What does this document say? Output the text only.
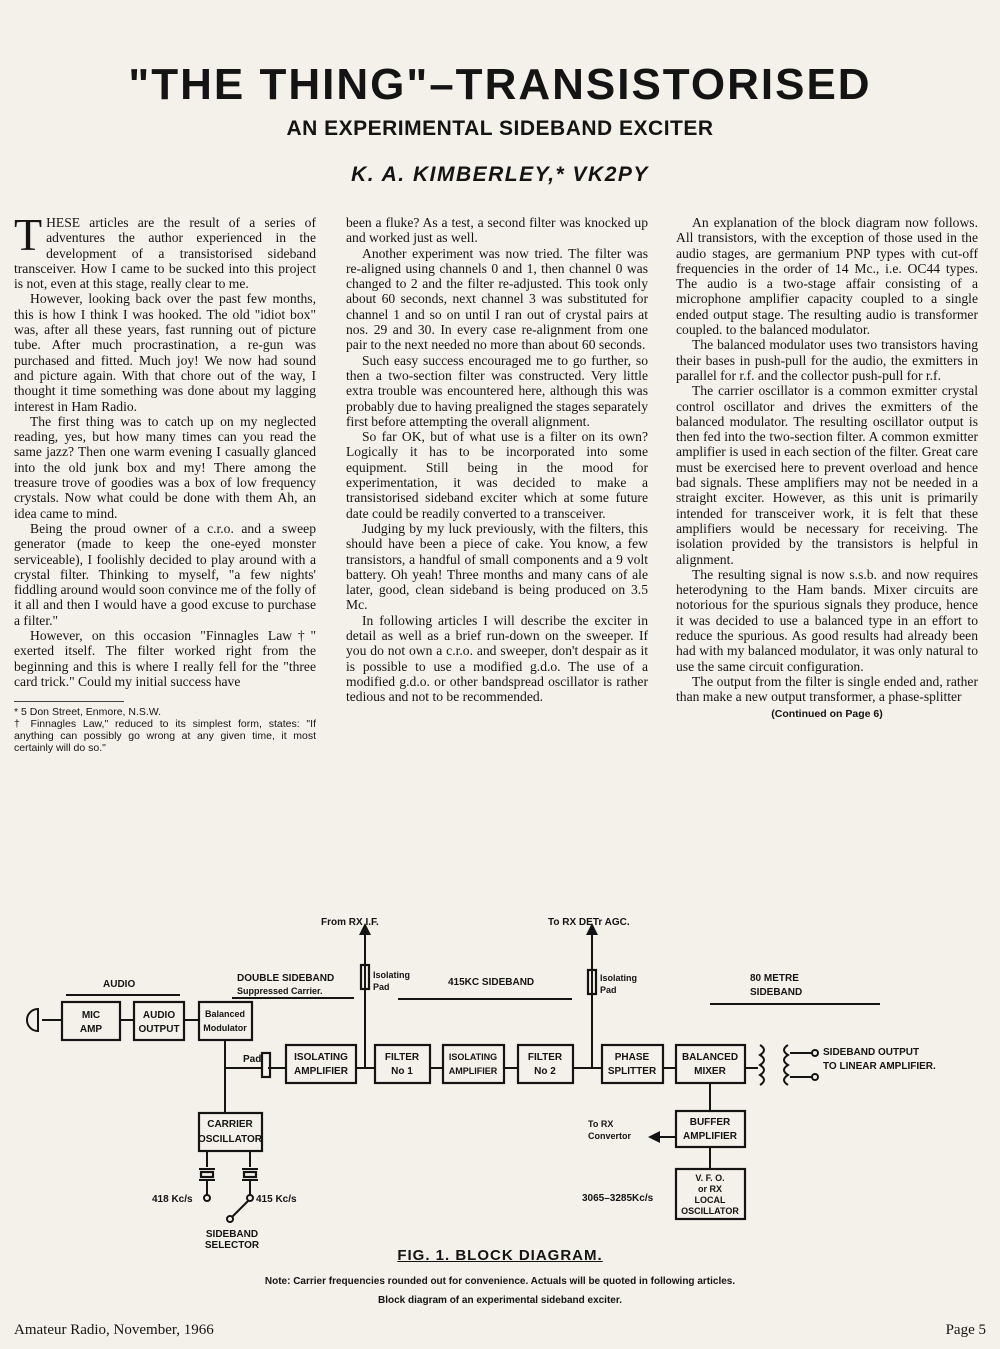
"THE THING"–TRANSISTORISED
AN EXPERIMENTAL SIDEBAND EXCITER
K. A. KIMBERLEY,* VK2PY
T HESE articles are the result of a series of adventures the author experienced in the development of a transistorised sideband transceiver. How I came to be sucked into this project is not, even at this stage, really clear to me.

However, looking back over the past few months, this is how I think I was hooked. The old "idiot box" was, after all these years, fast running out of picture tube. After much procrastination, a re-gun was purchased and fitted. Much joy! We now had sound and picture again. With that chore out of the way, I thought it time something was done about my lagging interest in Ham Radio.

The first thing was to catch up on my neglected reading, yes, but how many times can you read the same jazz? Then one warm evening I casually glanced into the old junk box and my! There among the treasure trove of goodies was a box of low frequency crystals. Now what could be done with them Ah, an idea came to mind.

Being the proud owner of a c.r.o. and a sweep generator (made to keep the one-eyed monster serviceable), I foolishly decided to play around with a crystal filter. Thinking to myself, "a few nights' fiddling around would soon convince me of the folly of it all and then I would have a good excuse to purchase a filter."

However, on this occasion "Finnagles Law†" exerted itself. The filter worked right from the beginning and this is where I really fell for the "three card trick." Could my initial success have

* 5 Don Street, Enmore, N.S.W.

† Finnagles Law," reduced to its simplest form, states: "If anything can possibly go wrong at any given time, it most certainly will do so."

been a fluke? As a test, a second filter was knocked up and worked just as well.

Another experiment was now tried. The filter was re-aligned using channels 0 and 1, then channel 0 was changed to 2 and the filter re-adjusted. This took only about 60 seconds, next channel 3 was substituted for channel 1 and so on until I ran out of crystal pairs at nos. 29 and 30. In every case re-alignment from one pair to the next needed no more than about 60 seconds.

Such easy success encouraged me to go further, so then a two-section filter was constructed. Very little extra trouble was encountered here, although this was probably due to having prealigned the stages separately first before attempting the overall alignment.

So far OK, but of what use is a filter on its own? Logically it has to be incorporated into some equipment. Still being in the mood for experimentation, it was decided to make a transistorised sideband exciter which at some future date could be readily converted to a transceiver.

Judging by my luck previously, with the filters, this should have been a piece of cake. You know, a few transistors, a handful of small components and a 9 volt battery. Oh yeah! Three months and many cans of ale later, good, clean sideband is being produced on 3.5 Mc.

In following articles I will describe the exciter in detail as well as a brief run-down on the sweeper. If you do not own a c.r.o. and sweeper, don't despair as it is possible to use a modified g.d.o. The use of a modified g.d.o. or other bandspread oscillator is rather tedious and not to be recommended.

An explanation of the block diagram now follows. All transistors, with the exception of those used in the audio stages, are germanium PNP types with cut-off frequencies in the order of 14 Mc., i.e. OC44 types. The audio is a two-stage affair consisting of a microphone amplifier capacity coupled to a single ended output stage. The resulting audio is transformer coupled. to the balanced modulator.

The balanced modulator uses two transistors having their bases in push-pull for the audio, the exmitters in parallel for r.f. and the collector push-pull for r.f.

The carrier oscillator is a common exmitter crystal control oscillator and drives the exmitters of the balanced modulator. The resulting oscillator output is then fed into the two-section filter. A common exmitter amplifier is used in each section of the filter. Great care must be exercised here to prevent overload and hence bad signals. These amplifiers may not be needed in a straight exciter. However, as this unit is primarily intended for transceiver work, it is felt that these amplifiers would be necessary for receiving. The isolation provided by the transistors is helpful in alignment.

The resulting signal is now s.s.b. and now requires heterodyning to the Ham bands. Mixer circuits are notorious for the spurious signals they produce, hence it was decided to use a balanced type in an effort to reduce the spurious. As good results had already been had with my balanced modulator, it was only natural to use the same circuit configuration.

The output from the filter is single ended and, rather than make a new output transformer, a phase-splitter

(Continued on Page 6)
MIC
AMP
AUDIO
OUTPUT
Balanced
Modulator
Pad	ISOLATING
AMPLIFIER
FILTER
No 1
ISOLATING
AMPLIFIER
FILTER
No 2
PHASE
SPLITTER
BALANCED
MIXER
SIDEBAND OUTPUT
TO LINEAR AMPLIFIER.
From RX I.F.
Isolating
Pad
To RX DETr AGC.
Isolating
Pad
AUDIO
DOUBLE SIDEBAND
Suppressed Carrier.
415KC SIDEBAND	80 METRE
SIDEBAND
CARRIER
OSCILLATOR
418 Kc/s	415 Kc/s
SIDEBAND
BUFFER
AMPLIFIER
To RX
Convertor
V. F. O.
or RX
LOCAL
OSCILLATOR
3065–3285Kc/s
FIG. 1. BLOCK DIAGRAM.
Note: Carrier frequencies rounded out for convenience. Actuals will be quoted in following articles.
Block diagram of an experimental sideband exciter.
Amateur Radio, November, 1966	Page 5
SELECTOR
